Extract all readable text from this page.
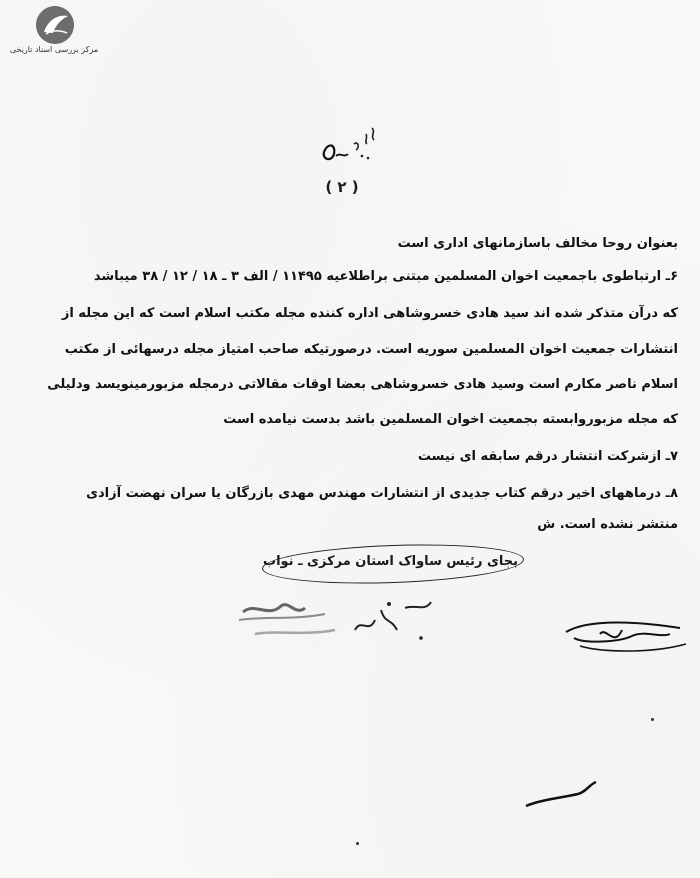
مرکز بررسی اسناد تاریخی
( ۲ )
بعنوان روحا مخالف باسازمانهای اداری است
۶ـ ارتباطوی باجمعیت اخوان المسلمین مبتنی براطلاعیه ۱۱۴۹۵ / الف ۳ ـ ۱۸ / ۱۲ / ۳۸ میباشد
که درآن متذکر شده اند سید هادی خسروشاهی اداره کننده مجله مکتب اسلام است که این مجله از
انتشارات جمعیت اخوان المسلمین سوریه است. درصورتیکه صاحب امتیاز مجله درسهائی از مکتب
اسلام ناصر مکارم است وسید هادی خسروشاهی بعضا اوقات مقالاتی درمجله مزبورمینویسد ودلیلی
که مجله مزبوروابسته بجمعیت اخوان المسلمین باشد بدست نیامده است
۷ـ ازشرکت انتشار درقم سابقه ای نیست
۸ـ درماههای اخیر درقم کتاب جدیدی از انتشارات مهندس مهدی بازرگان یا سران نهضت آزادی
منتشر نشده است. ش
بجای رئیس ساواک استان مرکزی ـ نواب
